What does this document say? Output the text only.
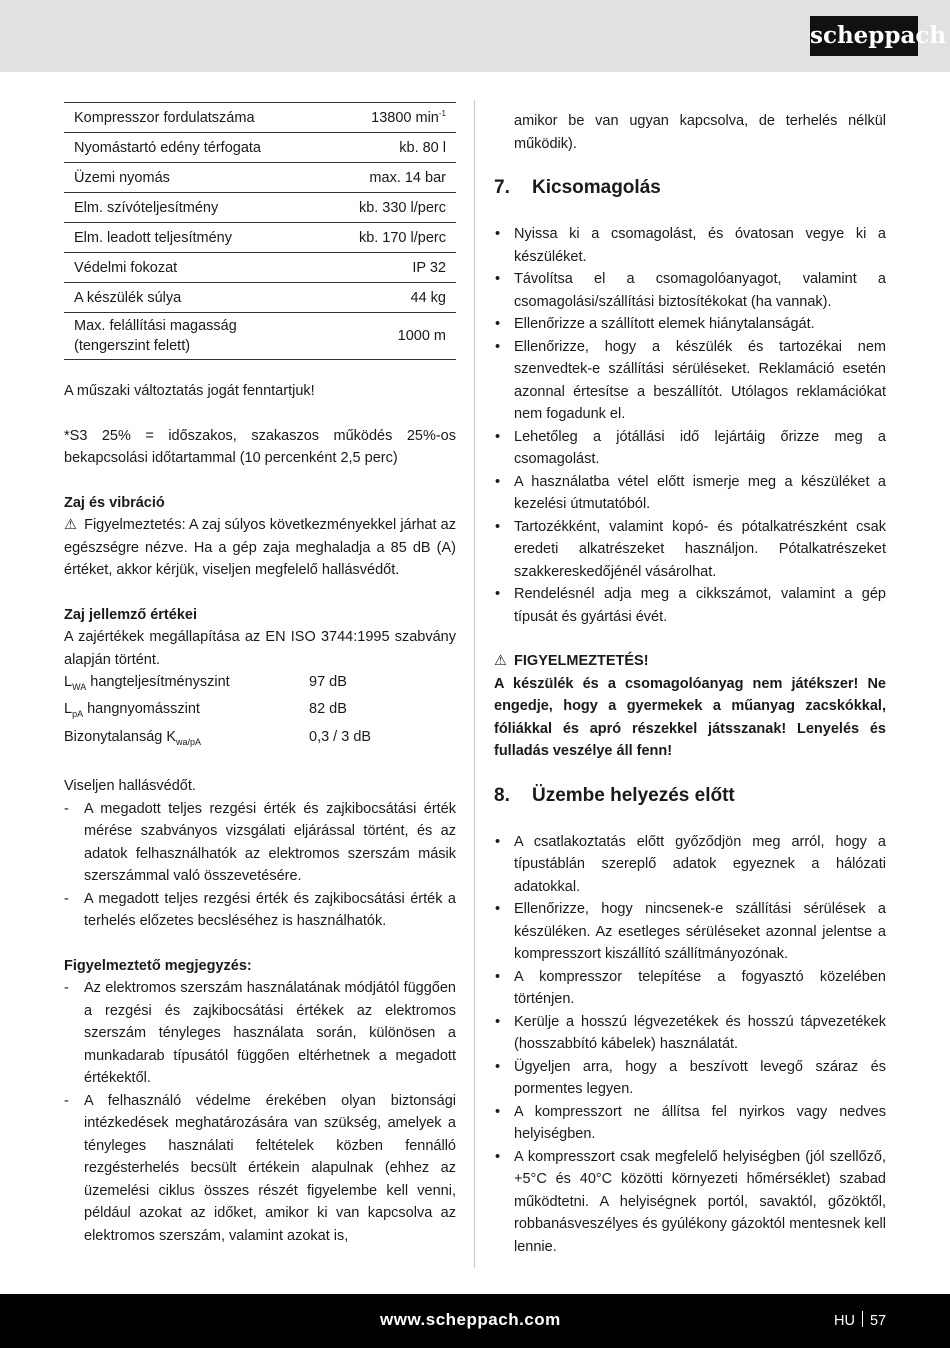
scheppach
Kompresszor fordulatszáma	13800 $\min^{-1}$
Nyomástartó edény térfogata	kb. 80 l
Üzemi nyomás	max. 14 bar
Elm. szívóteljesítmény	kb. 330 l/perc
Elm. leadott teljesítmény	kb. 170 l/perc
Védelmi fokozat	IP 32
A készülék súlya	44 kg
Max. felállítási magasság
(tengerszint felett)	1000 m

A műszaki változtatás jogát fenntartjuk!

*S3 25% = időszakos, szakaszos működés 25%-os bekapcsolási időtartammal (10 percenként 2,5 perc)

Zaj és vibráció

⚠ Figyelmeztetés: A zaj súlyos következményekkel járhat az egészségre nézve. Ha a gép zaja meghaladja a 85 dB (A) értéket, akkor kérjük, viseljen megfelelő hallásvédőt.

Zaj jellemző értékei

A zajértékek megállapítása az EN ISO 3744:1995 szabvány alapján történt.

$L_{WA}$ hangteljesítményszint	97 dB
$L_{pA}$ hangnyomásszint	82 dB
Bizonytalanság $K_{wa/pA}$	0,3 / 3 dB

Viseljen hallásvédőt.

- A megadott teljes rezgési érték és zajkibocsátási érték mérése szabványos vizsgálati eljárással történt, és az adatok felhasználhatók az elektromos szerszám másik szerszámmal való összevetésére.
- A megadott teljes rezgési érték és zajkibocsátási érték a terhelés előzetes becsléséhez is használhatók.

Figyelmeztető megjegyzés:

- Az elektromos szerszám használatának módjától függően a rezgési és zajkibocsátási értékek az elektromos szerszám tényleges használata során, különösen a munkadarab típusától függően eltérhetnek a megadott értékektől.
- A felhasználó védelme érekében olyan biztonsági intézkedések meghatározására van szükség, amelyek a tényleges használati feltételek közben fennálló rezgésterhelés becsült értékein alapulnak (ehhez az üzemelési ciklus összes részét figyelembe kell venni, például azokat az időket, amikor ki van kapcsolva az elektromos szerszám, valamint azokat is,

amikor be van ugyan kapcsolva, de terhelés nélkül működik).

7. Kicsomagolás
• Nyissa ki a csomagolást, és óvatosan vegye ki a készüléket.
• Távolítsa el a csomagolóanyagot, valamint a csomagolási/szállítási biztosítékokat (ha vannak).
• Ellenőrizze a szállított elemek hiánytalanságát.
• Ellenőrizze, hogy a készülék és tartozékai nem szenvedtek-e szállítási sérüléseket. Reklamáció esetén azonnal értesítse a beszállítót. Utólagos reklamációkat nem fogadunk el.
• Lehetőleg a jótállási idő lejártáig őrizze meg a csomagolást.
• A használatba vétel előtt ismerje meg a készüléket a kezelési útmutatóból.
• Tartozékként, valamint kopó- és pótalkatrészként csak eredeti alkatrészeket használjon. Pótalkatrészeket szakkereskedőjénél vásárolhat.
• Rendelésnél adja meg a cikkszámot, valamint a gép típusát és gyártási évét.

⚠ FIGYELMEZTETÉS!

A készülék és a csomagolóanyag nem játékszer! Ne engedje, hogy a gyermekek a műanyag zacskókkal, fóliákkal és apró részekkel játsszanak! Lenyelés és fulladás veszélye áll fenn!

8. Üzembe helyezés előtt
• A csatlakoztatás előtt győződjön meg arról, hogy a típustáblán szereplő adatok egyeznek a hálózati adatokkal.
• Ellenőrizze, hogy nincsenek-e szállítási sérülések a készüléken. Az esetleges sérüléseket azonnal jelentse a kompresszort kiszállító szállítmányozónak.
• A kompresszor telepítése a fogyasztó közelében történjen.
• Kerülje a hosszú légvezetékek és hosszú tápvezetékek (hosszabbító kábelek) használatát.
• Ügyeljen arra, hogy a beszívott levegő száraz és pormentes legyen.
• A kompresszort ne állítsa fel nyirkos vagy nedves helyiségben.
• A kompresszort csak megfelelő helyiségben (jól szellőző, +5°C és 40°C közötti környezeti hőmérséklet) szabad működtetni. A helyiségnek portól, savaktól, gőzöktől, robbanásveszélyes és gyúlékony gázoktól mentesnek kell lennie.
www.scheppach.com	HU 57
